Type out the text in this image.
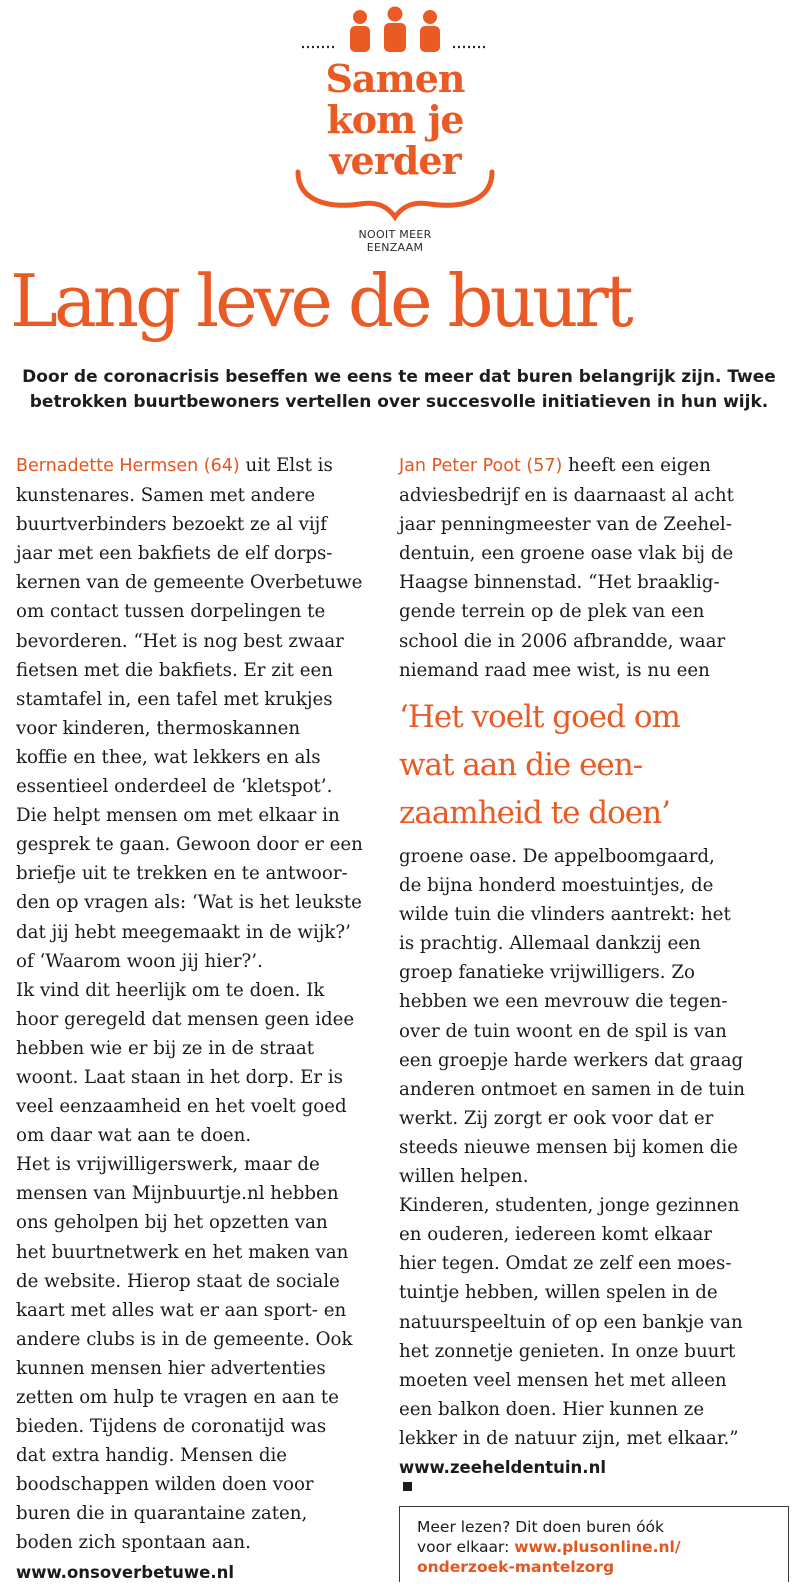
Samen
kom je
verder
NOOIT MEER
EENZAAM
Lang leve de buurt

Door de coronacrisis beseffen we eens te meer dat buren belangrijk zijn. Twee betrokken buurtbewoners vertellen over succesvolle initiatieven in hun wijk.

Bernadette Hermsen (64) uit Elst is
kunstenares. Samen met andere
buurtverbinders bezoekt ze al vijf
jaar met een bakfiets de elf dorps-
kernen van de gemeente Overbetuwe
om contact tussen dorpelingen te
bevorderen. “Het is nog best zwaar
fietsen met die bakfiets. Er zit een
stamtafel in, een tafel met krukjes
voor kinderen, thermoskannen
koffie en thee, wat lekkers en als
essentieel onderdeel de ‘kletspot’.
Die helpt mensen om met elkaar in
gesprek te gaan. Gewoon door er een
briefje uit te trekken en te antwoor-
den op vragen als: ‘Wat is het leukste
dat jij hebt meegemaakt in de wijk?’
of ‘Waarom woon jij hier?’.
Ik vind dit heerlijk om te doen. Ik
hoor geregeld dat mensen geen idee
hebben wie er bij ze in de straat
woont. Laat staan in het dorp. Er is
veel eenzaamheid en het voelt goed
om daar wat aan te doen.
Het is vrijwilligerswerk, maar de
mensen van Mijnbuurtje.nl hebben
ons geholpen bij het opzetten van
het buurtnetwerk en het maken van
de website. Hierop staat de sociale
kaart met alles wat er aan sport- en
andere clubs is in de gemeente. Ook
kunnen mensen hier advertenties
zetten om hulp te vragen en aan te
bieden. Tijdens de coronatijd was
dat extra handig. Mensen die
boodschappen wilden doen voor
buren die in quarantaine zaten,
boden zich spontaan aan.
www.onsoverbetuwe.nl
Jan Peter Poot (57) heeft een eigen
adviesbedrijf en is daarnaast al acht
jaar penningmeester van de Zeehel-
dentuin, een groene oase vlak bij de
Haagse binnenstad. “Het braaklig-
gende terrein op de plek van een
school die in 2006 afbrandde, waar
niemand raad mee wist, is nu een
‘Het voelt goed om
wat aan die een-
zaamheid te doen’
groene oase. De appelboomgaard,
de bijna honderd moestuintjes, de
wilde tuin die vlinders aantrekt: het
is prachtig. Allemaal dankzij een
groep fanatieke vrijwilligers. Zo
hebben we een mevrouw die tegen-
over de tuin woont en de spil is van
een groepje harde werkers dat graag
anderen ontmoet en samen in de tuin
werkt. Zij zorgt er ook voor dat er
steeds nieuwe mensen bij komen die
willen helpen.
Kinderen, studenten, jonge gezinnen
en ouderen, iedereen komt elkaar
hier tegen. Omdat ze zelf een moes-
tuintje hebben, willen spelen in de
natuurspeeltuin of op een bankje van
het zonnetje genieten. In onze buurt
moeten veel mensen het met alleen
een balkon doen. Hier kunnen ze
lekker in de natuur zijn, met elkaar.”
www.zeeheldentuin.nl
Meer lezen? Dit doen buren óók
voor elkaar: www.plusonline.nl/
onderzoek-mantelzorg
